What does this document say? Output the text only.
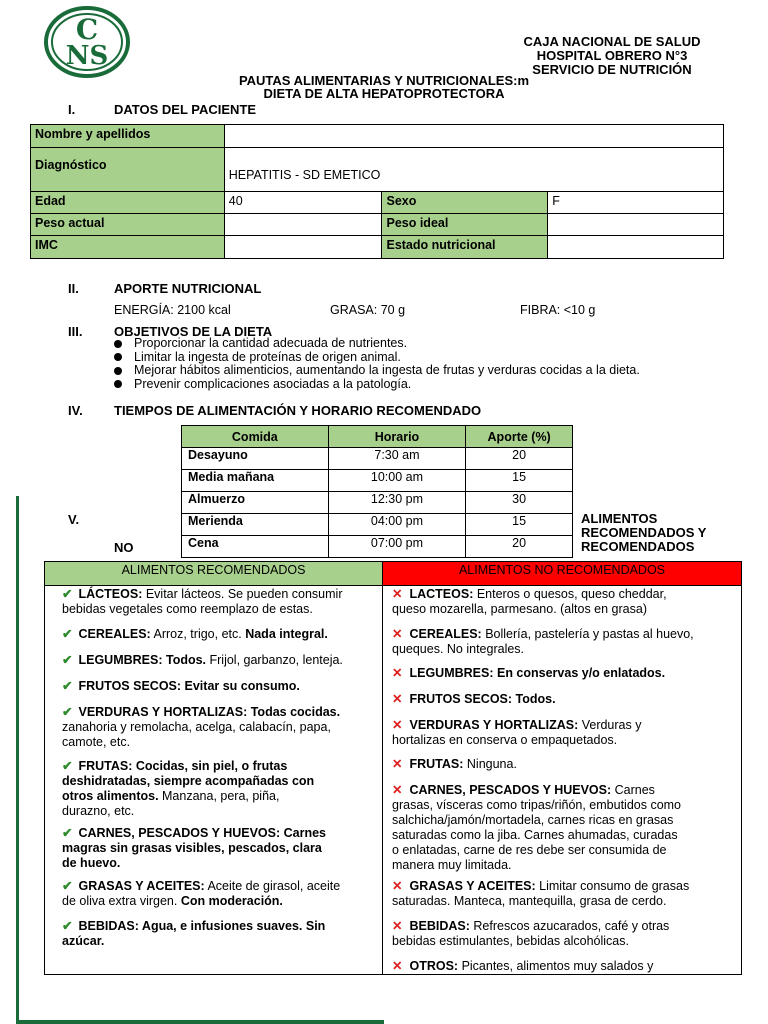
C
NS	CAJA NACIONAL DE SALUD
HOSPITAL OBRERO N°3
SERVICIO DE NUTRICIÓN
PAUTAS ALIMENTARIAS Y NUTRICIONALES:m
DIETA DE ALTA HEPATOPROTECTORA
I.	DATOS DEL PACIENTE
Nombre y apellidos			
Diagnóstico	HEPATITIS - SD EMETICO		
Edad	40	Sexo	F
Peso actual		Peso ideal	
IMC		Estado nutricional	
II.	APORTE NUTRICIONAL
ENERGÍA: 2100 kcal	GRASA: 70 g	FIBRA: <10 g
III. OBJETIVOS DE LA DIETA
Proporcionar la cantidad adecuada de nutrientes.
Limitar la ingesta de proteínas de origen animal.
Mejorar hábitos alimenticios, aumentando la ingesta de frutas y verduras cocidas a la dieta.
Prevenir complicaciones asociadas a la patología.
IV. TIEMPOS DE ALIMENTACIÓN Y HORARIO RECOMENDADO
Comida	Horario	Aporte (%)
Desayuno	7:30 am	20
Media mañana	10:00 am	15
Almuerzo	12:30 pm	30
Merienda	04:00 pm	15
Cena	07:00 pm	20
V.
NO
ALIMENTOS
RECOMENDADOS Y
RECOMENDADOS
ALIMENTOS RECOMENDADOS	ALIMENTOS NO RECOMENDADOS
✔ LÁCTEOS: Evitar lácteos. Se pueden consumir
bebidas vegetales como reemplazo de estas.
✔ CEREALES: Arroz, trigo, etc. Nada integral.
✔ LEGUMBRES: Todos. Frijol, garbanzo, lenteja.
✔ FRUTOS SECOS: Evitar su consumo.
✔ VERDURAS Y HORTALIZAS: Todas cocidas.
zanahoria y remolacha, acelga, calabacín, papa,
camote, etc.
✔ FRUTAS: Cocidas, sin piel, o frutas
deshidratadas, siempre acompañadas con
otros alimentos. Manzana, pera, piña,
durazno, etc.
✔ CARNES, PESCADOS Y HUEVOS: Carnes
magras sin grasas visibles, pescados, clara
de huevo.
✔ GRASAS Y ACEITES: Aceite de girasol, aceite
de oliva extra virgen. Con moderación.
✔ BEBIDAS: Agua, e infusiones suaves. Sin
azúcar.
✕ LACTEOS: Enteros o quesos, queso cheddar,
queso mozarella, parmesano. (altos en grasa)
✕ CEREALES: Bollería, pastelería y pastas al huevo,
queques. No integrales.
✕ LEGUMBRES: En conservas y/o enlatados.
✕ FRUTOS SECOS: Todos.
✕ VERDURAS Y HORTALIZAS: Verduras y
hortalizas en conserva o empaquetados.
✕ FRUTAS: Ninguna.
✕ CARNES, PESCADOS Y HUEVOS: Carnes
grasas, vísceras como tripas/riñón, embutidos como
salchicha/jamón/mortadela, carnes ricas en grasas
saturadas como la jiba. Carnes ahumadas, curadas
o enlatadas, carne de res debe ser consumida de
manera muy limitada.
✕ GRASAS Y ACEITES: Limitar consumo de grasas
saturadas. Manteca, mantequilla, grasa de cerdo.
✕ BEBIDAS: Refrescos azucarados, café y otras
bebidas estimulantes, bebidas alcohólicas.
✕ OTROS: Picantes, alimentos muy salados y
